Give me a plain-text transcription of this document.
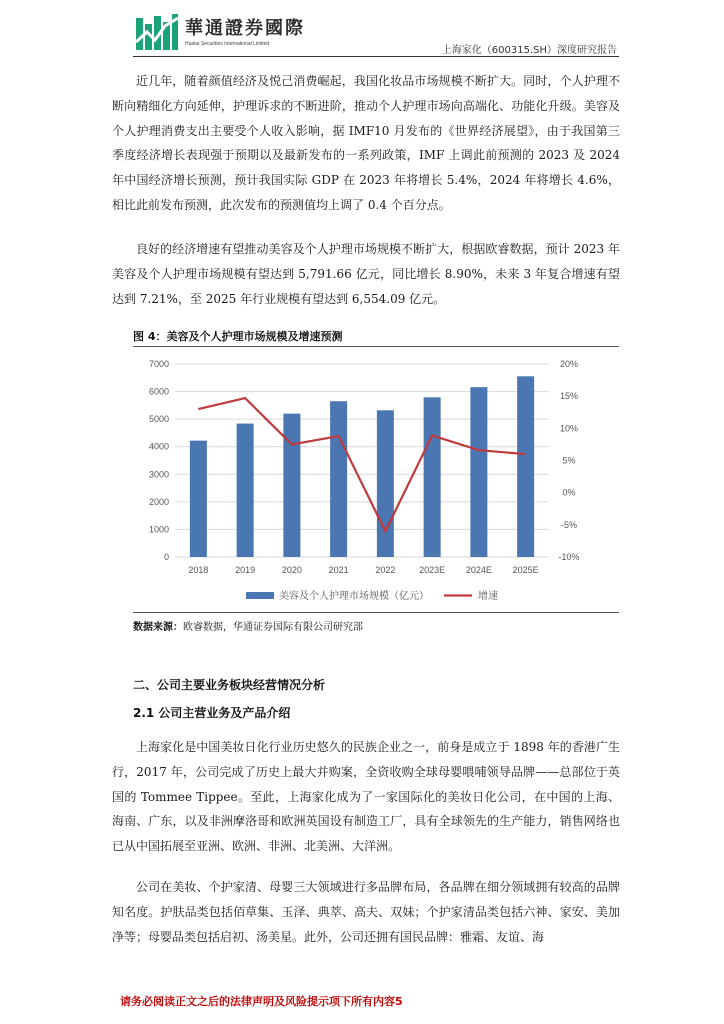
華通證券國際
Huatai Securities International Limited
上海家化（600315.SH）深度研究报告

近几年，随着颜值经济及悦己消费崛起，我国化妆品市场规模不断扩大。同时，个人护理不断向精细化方向延伸，护理诉求的不断进阶，推动个人护理市场向高端化、功能化升级。美容及个人护理消费支出主要受个人收入影响，据 IMF10 月发布的《世界经济展望》，由于我国第三季度经济增长表现强于预期以及最新发布的一系列政策，IMF 上调此前预测的 2023 及 2024 年中国经济增长预测，预计我国实际 GDP 在 2023 年将增长 5.4%，2024 年将增长 4.6%，相比此前发布预测，此次发布的预测值均上调了 0.4 个百分点。

良好的经济增速有望推动美容及个人护理市场规模不断扩大，根据欧睿数据，预计 2023 年美容及个人护理市场规模有望达到 5,791.66 亿元，同比增长 8.90%，未来 3 年复合增速有望达到 7.21%，至 2025 年行业规模有望达到 6,554.09 亿元。

图 4：美容及个人护理市场规模及增速预测
0
1000
2000
3000
4000
5000
6000
7000
-10%
-5%
0%
5%
10%
15%
20%
2018	2019	2020	2021	2022	2023E 2024E 2025E
美容及个人护理市场规模（亿元）	增速
数据来源：欧睿数据，华通证券国际有限公司研究部
二、公司主要业务板块经营情况分析
2.1 公司主营业务及产品介绍

上海家化是中国美妆日化行业历史悠久的民族企业之一，前身是成立于 1898 年的香港广生行，2017 年，公司完成了历史上最大并购案，全资收购全球母婴喂哺领导品牌——总部位于英国的 Tommee Tippee。至此，上海家化成为了一家国际化的美妆日化公司，在中国的上海、海南、广东，以及非洲摩洛哥和欧洲英国设有制造工厂，具有全球领先的生产能力，销售网络也已从中国拓展至亚洲、欧洲、非洲、北美洲、大洋洲。

公司在美妆、个护家清、母婴三大领域进行多品牌布局，各品牌在细分领域拥有较高的品牌知名度。护肤品类包括佰草集、玉泽、典萃、高夫、双妹；个护家清品类包括六神、家安、美加净等；母婴品类包括启初、汤美星。此外，公司还拥有国民品牌：雅霜、友谊、海

请务必阅读正文之后的法律声明及风险提示项下所有内容5
